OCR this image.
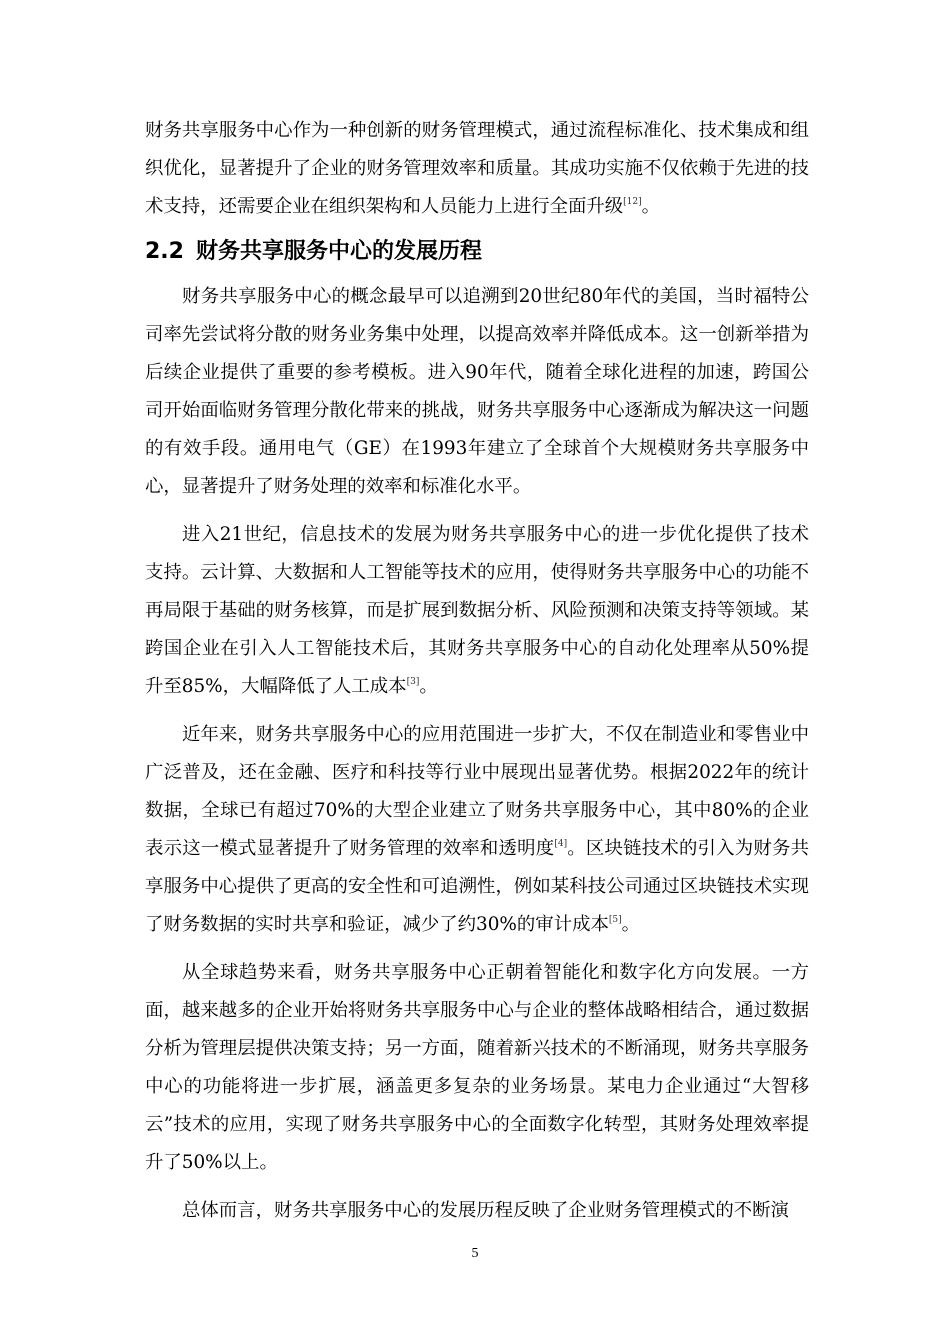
财务共享服务中心作为一种创新的财务管理模式，通过流程标准化、技术集成和组织优化，显著提升了企业的财务管理效率和质量。其成功实施不仅依赖于先进的技术支持，还需要企业在组织架构和人员能力上进行全面升级[12]。

2.2 财务共享服务中心的发展历程

财务共享服务中心的概念最早可以追溯到20世纪80年代的美国，当时福特公司率先尝试将分散的财务业务集中处理，以提高效率并降低成本。这一创新举措为后续企业提供了重要的参考模板。进入90年代，随着全球化进程的加速，跨国公司开始面临财务管理分散化带来的挑战，财务共享服务中心逐渐成为解决这一问题的有效手段。通用电气（GE）在1993年建立了全球首个大规模财务共享服务中心，显著提升了财务处理的效率和标准化水平。

进入21世纪，信息技术的发展为财务共享服务中心的进一步优化提供了技术支持。云计算、大数据和人工智能等技术的应用，使得财务共享服务中心的功能不再局限于基础的财务核算，而是扩展到数据分析、风险预测和决策支持等领域。某跨国企业在引入人工智能技术后，其财务共享服务中心的自动化处理率从50%提升至85%，大幅降低了人工成本[3]。

近年来，财务共享服务中心的应用范围进一步扩大，不仅在制造业和零售业中广泛普及，还在金融、医疗和科技等行业中展现出显著优势。根据2022年的统计数据，全球已有超过70%的大型企业建立了财务共享服务中心，其中80%的企业表示这一模式显著提升了财务管理的效率和透明度[4]。区块链技术的引入为财务共享服务中心提供了更高的安全性和可追溯性，例如某科技公司通过区块链技术实现了财务数据的实时共享和验证，减少了约30%的审计成本[5]。

从全球趋势来看，财务共享服务中心正朝着智能化和数字化方向发展。一方面，越来越多的企业开始将财务共享服务中心与企业的整体战略相结合，通过数据分析为管理层提供决策支持；另一方面，随着新兴技术的不断涌现，财务共享服务中心的功能将进一步扩展，涵盖更多复杂的业务场景。某电力企业通过“大智移云”技术的应用，实现了财务共享服务中心的全面数字化转型，其财务处理效率提升了50%以上。

总体而言，财务共享服务中心的发展历程反映了企业财务管理模式的不断演

5
